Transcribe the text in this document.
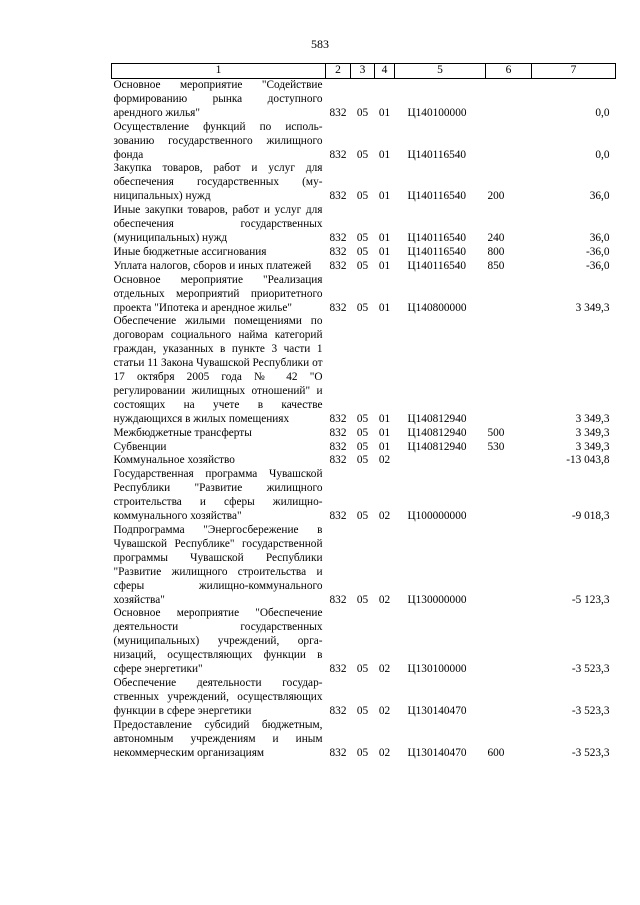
583
1	2	3	4	5	6	7
Основное мероприятие "Содействие формированию рынка доступного арендного жилья"	832	05	01	Ц140100000		0,0
Осуществление функций по использованию государственного жилищного фонда	832	05	01	Ц140116540		0,0
Закупка товаров, работ и услуг для обеспечения государственных (муниципальных) нужд	832	05	01	Ц140116540	200	36,0
Иные закупки товаров, работ и услуг для обеспечения государственных (муниципальных) нужд	832	05	01	Ц140116540	240	36,0
Иные бюджетные ассигнования	832	05	01	Ц140116540	800	-36,0
Уплата налогов, сборов и иных платежей	832	05	01	Ц140116540	850	-36,0
Основное мероприятие "Реализация отдельных мероприятий приоритетного проекта "Ипотека и арендное жилье"	832	05	01	Ц140800000		3 349,3
Обеспечение жилыми помещениями по договорам социального найма категорий граждан, указанных в пункте 3 части 1 статьи 11 Закона Чувашской Республики от 17 октября 2005 года № 42 "О регулировании жилищных отношений" и состоящих на учете в качестве нуждающихся в жилых помещениях	832	05	01	Ц140812940		3 349,3
Межбюджетные трансферты	832	05	01	Ц140812940	500	3 349,3
Субвенции	832	05	01	Ц140812940	530	3 349,3
Коммунальное хозяйство	832	05	02			-13 043,8
Государственная программа Чувашской Республики "Развитие жилищного строительства и сферы жилищно-коммунального хозяйства"	832	05	02	Ц100000000		-9 018,3
Подпрограмма "Энергосбережение в Чувашской Республике" государственной программы Чувашской Республики "Развитие жилищного строительства и сферы жилищно-коммунального хозяйства"	832	05	02	Ц130000000		-5 123,3
Основное мероприятие "Обеспечение деятельности государственных (муниципальных) учреждений, организаций, осуществляющих функции в сфере энергетики"	832	05	02	Ц130100000		-3 523,3
Обеспечение деятельности государственных учреждений, осуществляющих функции в сфере энергетики	832	05	02	Ц130140470		-3 523,3
Предоставление субсидий бюджетным, автономным учреждениям и иным некоммерческим организациям	832	05	02	Ц130140470	600	-3 523,3
